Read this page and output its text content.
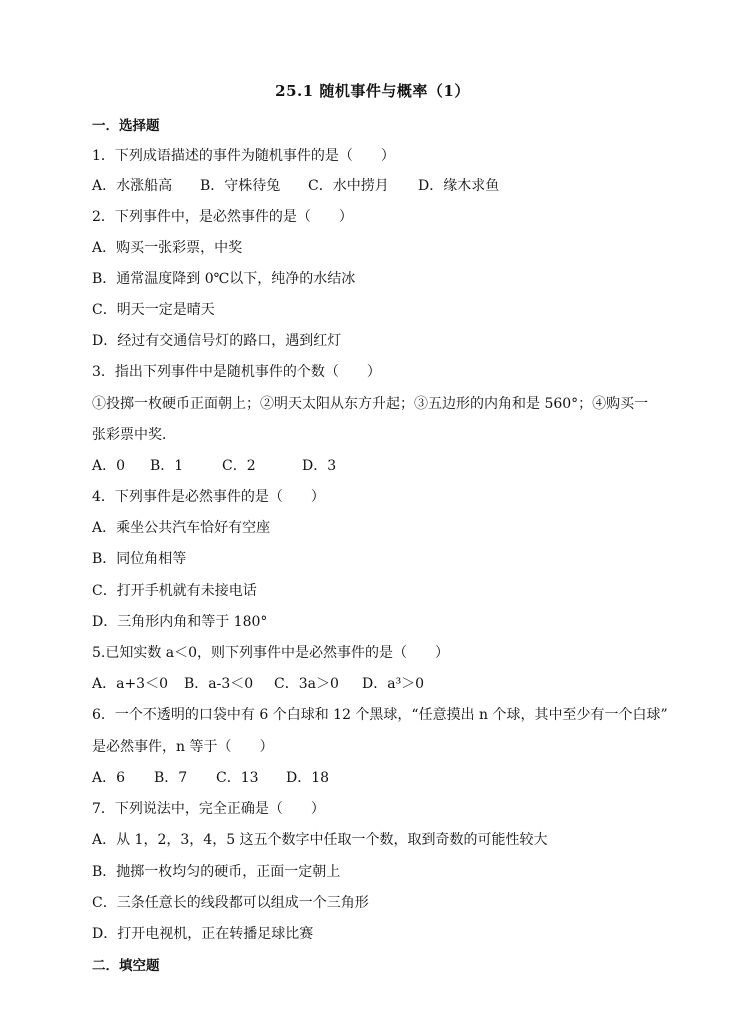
25.1 随机事件与概率（1）
一．选择题
1．下列成语描述的事件为随机事件的是（　　）
A．水涨船高 B．守株待兔 C．水中捞月 D．缘木求鱼
2．下列事件中，是必然事件的是（　　）
A．购买一张彩票，中奖
B．通常温度降到 0℃以下，纯净的水结冰
C．明天一定是晴天
D．经过有交通信号灯的路口，遇到红灯
3．指出下列事件中是随机事件的个数（　　）
①投掷一枚硬币正面朝上；②明天太阳从东方升起；③五边形的内角和是 560°；④购买一
张彩票中奖．
A．0 B．1	C．2	D．3
4．下列事件是必然事件的是（　　）
A．乘坐公共汽车恰好有空座
B．同位角相等
C．打开手机就有未接电话
D．三角形内角和等于 180°
5.已知实数 a＜0，则下列事件中是必然事件的是（　　）
A．a+3＜0 B．a-3＜0 C．3a＞0 D．a³＞0
6．一个不透明的口袋中有 6 个白球和 12 个黑球，“任意摸出 n 个球，其中至少有一个白球”
是必然事件，n 等于（　　）
A．6 B．7 C．13 D．18
7．下列说法中，完全正确是（　　）
A．从 1，2，3，4，5 这五个数字中任取一个数，取到奇数的可能性较大
B．抛掷一枚均匀的硬币，正面一定朝上
C．三条任意长的线段都可以组成一个三角形
D．打开电视机，正在转播足球比赛
二．填空题
